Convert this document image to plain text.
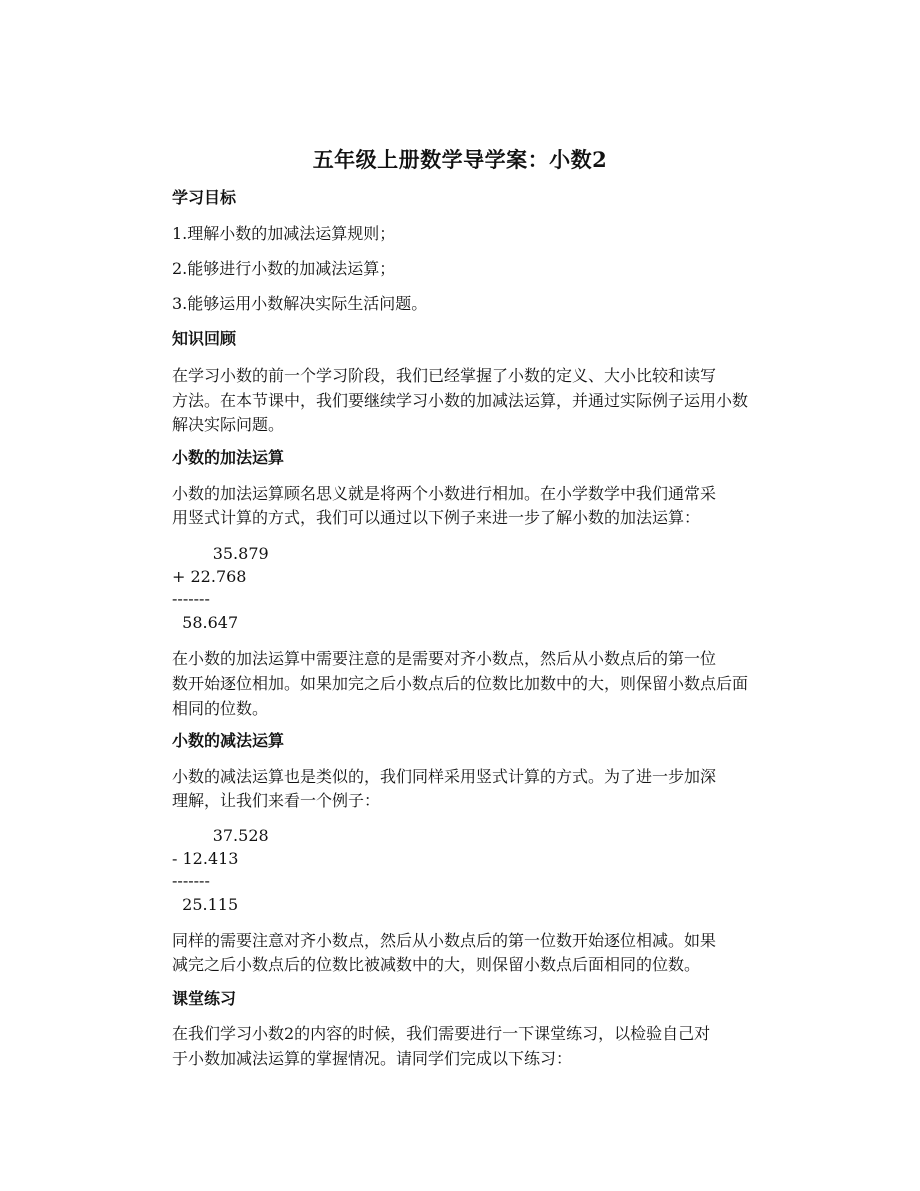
五年级上册数学导学案：小数2
学习目标
1.理解小数的加减法运算规则；
2.能够进行小数的加减法运算；
3.能够运用小数解决实际生活问题。
知识回顾
在学习小数的前一个学习阶段，我们已经掌握了小数的定义、大小比较和读写
方法。在本节课中，我们要继续学习小数的加减法运算，并通过实际例子运用小数
解决实际问题。
小数的加法运算
小数的加法运算顾名思义就是将两个小数进行相加。在小学数学中我们通常采
用竖式计算的方式，我们可以通过以下例子来进一步了解小数的加法运算：
35.879
+ 22.768
-------
58.647
在小数的加法运算中需要注意的是需要对齐小数点，然后从小数点后的第一位
数开始逐位相加。如果加完之后小数点后的位数比加数中的大，则保留小数点后面
相同的位数。
小数的减法运算
小数的减法运算也是类似的，我们同样采用竖式计算的方式。为了进一步加深
理解，让我们来看一个例子：
37.528
- 12.413
-------
25.115
同样的需要注意对齐小数点，然后从小数点后的第一位数开始逐位相减。如果
减完之后小数点后的位数比被减数中的大，则保留小数点后面相同的位数。
课堂练习
在我们学习小数2的内容的时候，我们需要进行一下课堂练习，以检验自己对
于小数加减法运算的掌握情况。请同学们完成以下练习：
